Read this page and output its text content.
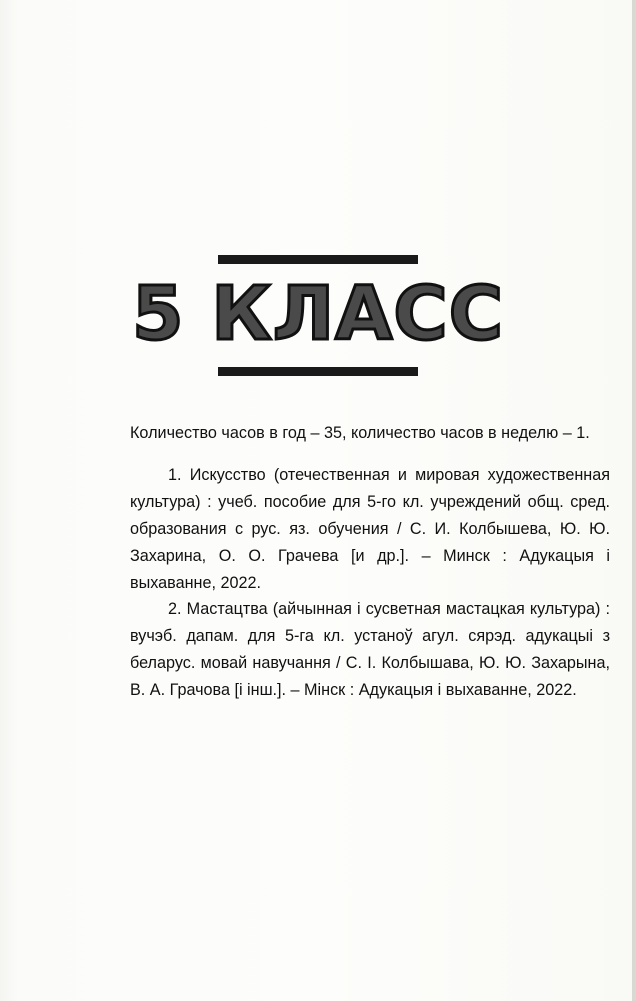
5 КЛАСС
Количество часов в год – 35, количество часов в неделю – 1.
1. Искусство (отечественная и мировая художественная культура) : учеб. пособие для 5-го кл. учреждений общ. сред. образования с рус. яз. обучения / С. И. Колбышева, Ю. Ю. Захарина, О. О. Грачева [и др.]. – Минск : Адукацыя і выхаванне, 2022.
2. Мастацтва (айчынная і сусветная мастацкая культура) : вучэб. дапам. для 5-га кл. устаноў агул. сярэд. адукацыі з беларус. мовай навучання / С. І. Колбышава, Ю. Ю. Захарына, В. А. Грачова [і інш.]. – Мінск : Адукацыя і выхаванне, 2022.
